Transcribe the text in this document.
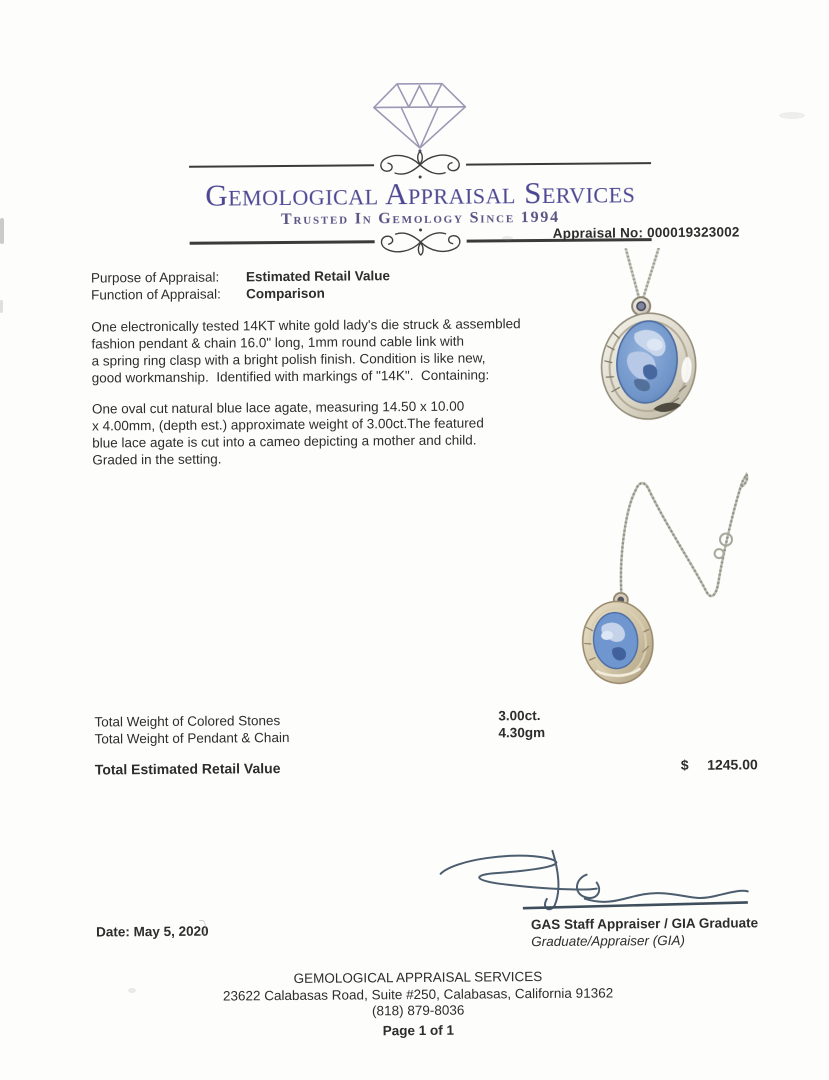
Gemological Appraisal Services
Trusted In Gemology Since 1994
Appraisal No: 000019323002
Purpose of Appraisal:	Estimated Retail Value
Function of Appraisal:	Comparison
One electronically tested 14KT white gold lady's die struck & assembled
fashion pendant & chain 16.0" long, 1mm round cable link with
a spring ring clasp with a bright polish finish. Condition is like new,
good workmanship.  Identified with markings of "14K".  Containing:
One oval cut natural blue lace agate, measuring 14.50 x 10.00
x 4.00mm, (depth est.) approximate weight of 3.00ct.The featured
blue lace agate is cut into a cameo depicting a mother and child.
Graded in the setting.
Total Weight of Colored Stones	3.00ct.
Total Weight of Pendant & Chain	4.30gm
Total Estimated Retail Value	$ 1245.00
GAS Staff Appraiser / GIA Graduate
Graduate/Appraiser (GIA)
Date: May 5, 2020
GEMOLOGICAL APPRAISAL SERVICES
23622 Calabasas Road, Suite #250, Calabasas, California 91362
(818) 879-8036
Page 1 of 1
